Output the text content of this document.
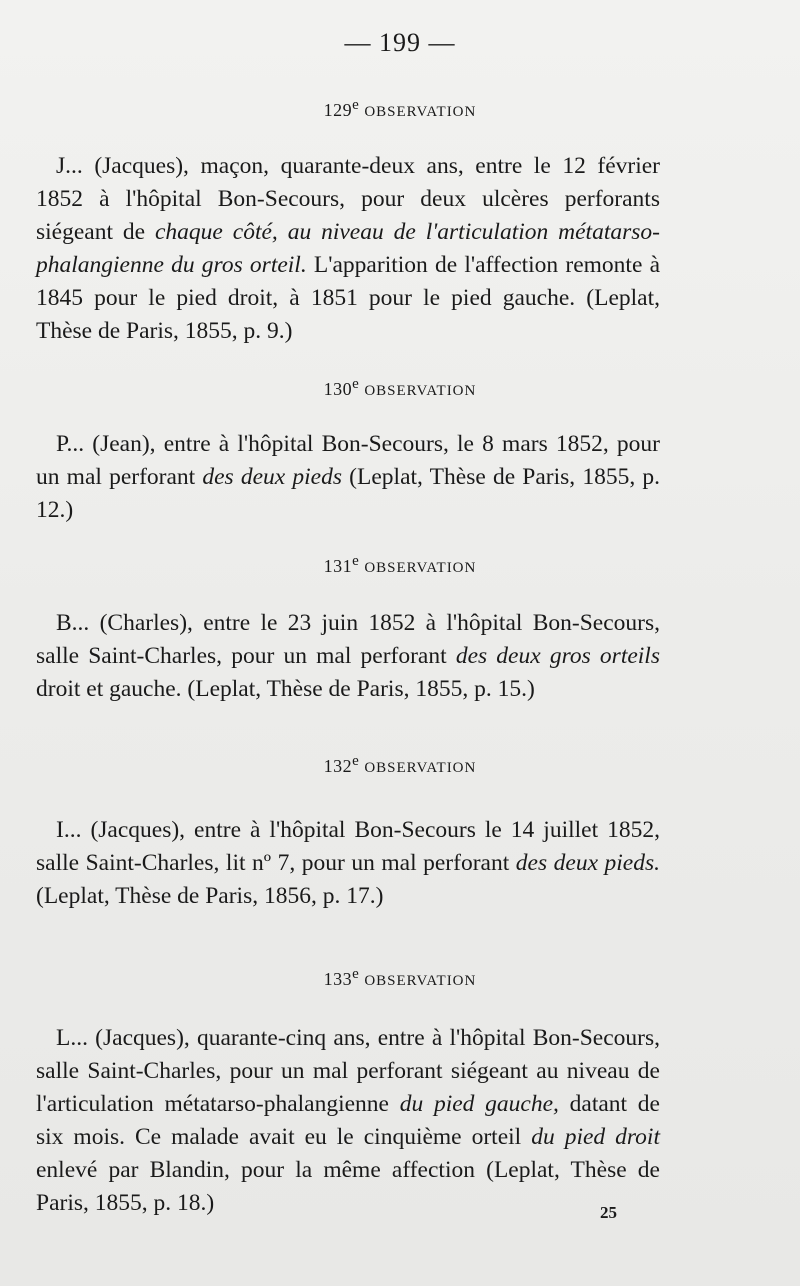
— 199 —
129e OBSERVATION
J... (Jacques), maçon, quarante-deux ans, entre le 12 février 1852 à l'hôpital Bon-Secours, pour deux ulcères perforants siégeant de chaque côté, au niveau de l'articulation métatarso-phalangienne du gros orteil. L'apparition de l'affection remonte à 1845 pour le pied droit, à 1851 pour le pied gauche. (Leplat, Thèse de Paris, 1855, p. 9.)
130e OBSERVATION
P... (Jean), entre à l'hôpital Bon-Secours, le 8 mars 1852, pour un mal perforant des deux pieds (Leplat, Thèse de Paris, 1855, p. 12.)
131e OBSERVATION
B... (Charles), entre le 23 juin 1852 à l'hôpital Bon-Secours, salle Saint-Charles, pour un mal perforant des deux gros orteils droit et gauche. (Leplat, Thèse de Paris, 1855, p. 15.)
132e OBSERVATION
I... (Jacques), entre à l'hôpital Bon-Secours le 14 juillet 1852, salle Saint-Charles, lit nº 7, pour un mal perforant des deux pieds. (Leplat, Thèse de Paris, 1856, p. 17.)
133e OBSERVATION
L... (Jacques), quarante-cinq ans, entre à l'hôpital Bon-Secours, salle Saint-Charles, pour un mal perforant siégeant au niveau de l'articulation métatarso-phalangienne du pied gauche, datant de six mois. Ce malade avait eu le cinquième orteil du pied droit enlevé par Blandin, pour la même affection (Leplat, Thèse de Paris, 1855, p. 18.)	25
